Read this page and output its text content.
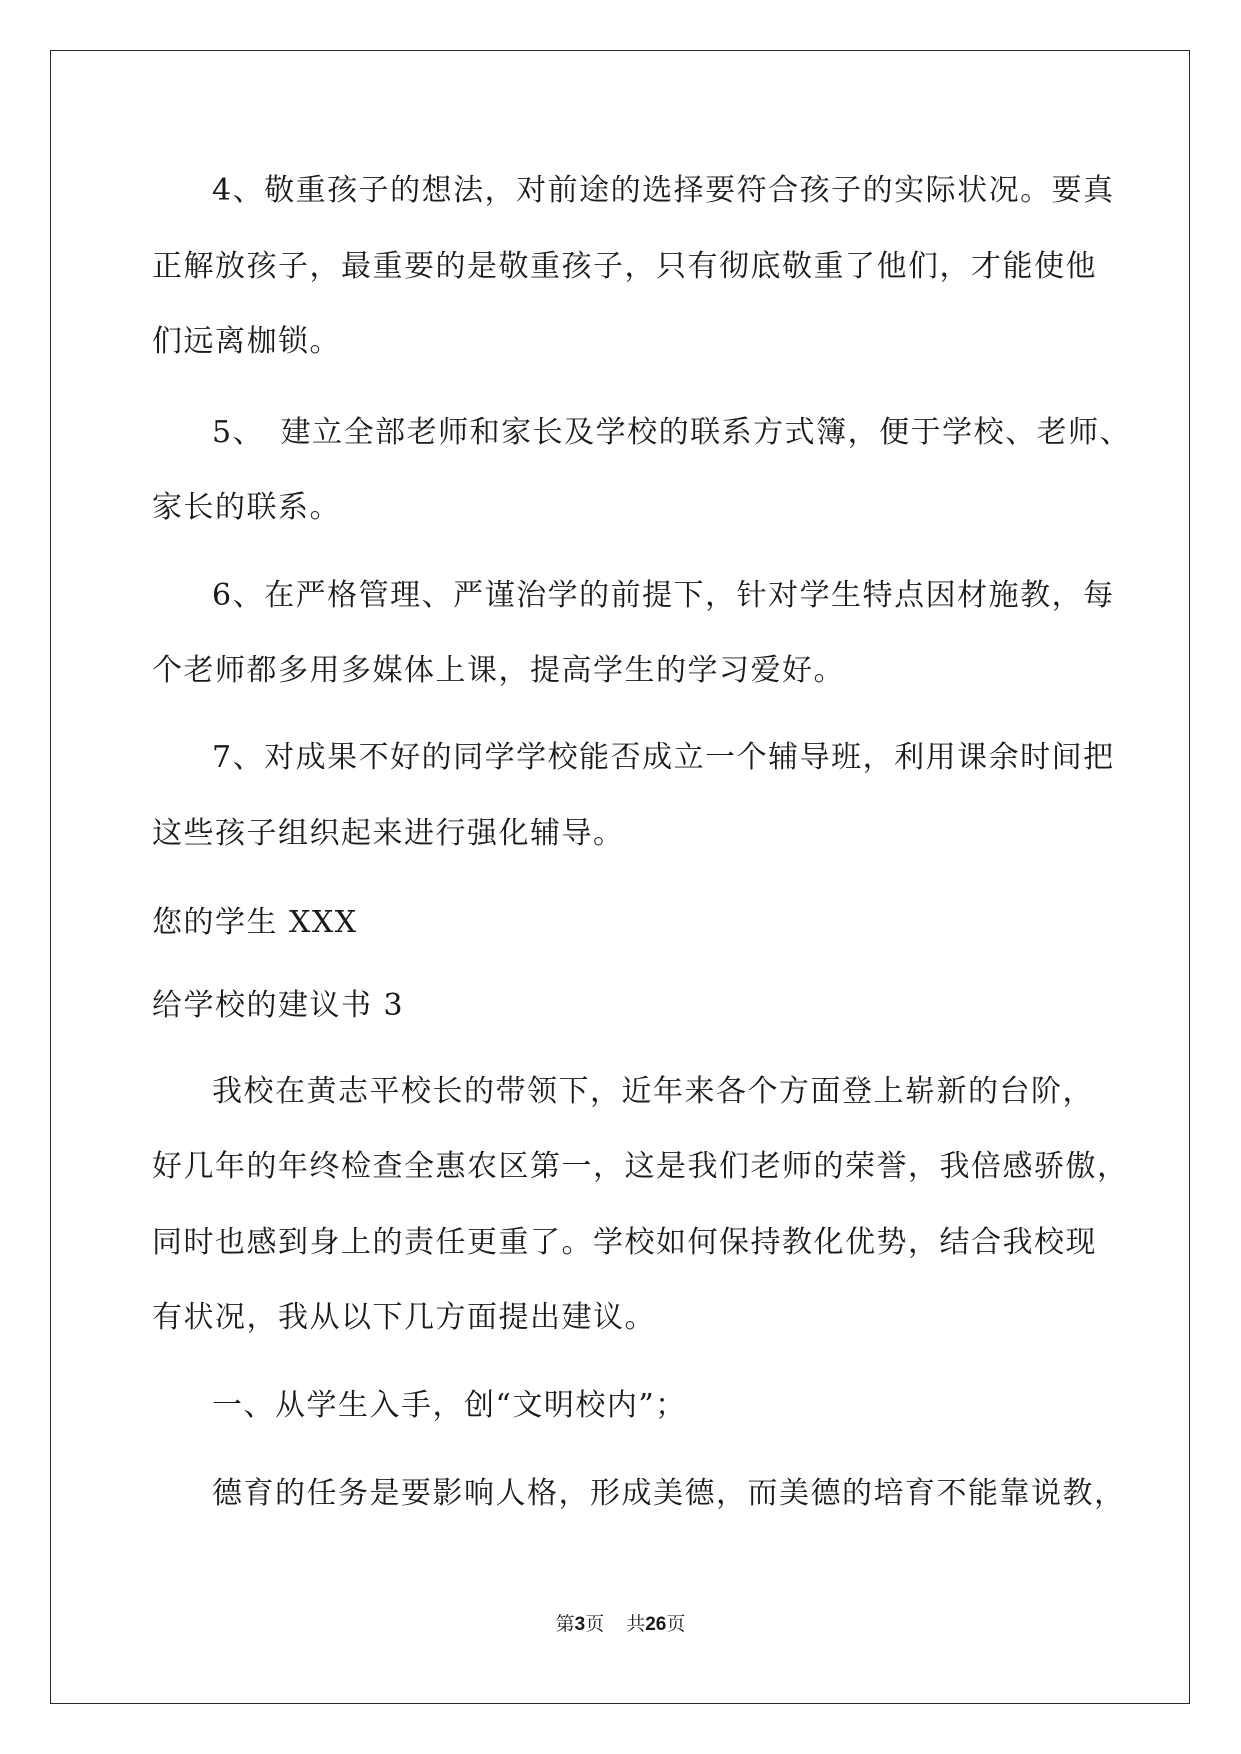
4、敬重孩子的想法，对前途的选择要符合孩子的实际状况。要真
正解放孩子，最重要的是敬重孩子，只有彻底敬重了他们，才能使他
们远离枷锁。
5、　建立全部老师和家长及学校的联系方式簿，便于学校、老师、
家长的联系。
6、在严格管理、严谨治学的前提下，针对学生特点因材施教，每
个老师都多用多媒体上课，提高学生的学习爱好。
7、对成果不好的同学学校能否成立一个辅导班，利用课余时间把
这些孩子组织起来进行强化辅导。
您的学生 XXX
给学校的建议书 3
我校在黄志平校长的带领下，近年来各个方面登上崭新的台阶，
好几年的年终检查全惠农区第一，这是我们老师的荣誉，我倍感骄傲，
同时也感到身上的责任更重了。学校如何保持教化优势，结合我校现
有状况，我从以下几方面提出建议。
一、从学生入手，创“文明校内”；
德育的任务是要影响人格，形成美德，而美德的培育不能靠说教，
第3页 共26页
